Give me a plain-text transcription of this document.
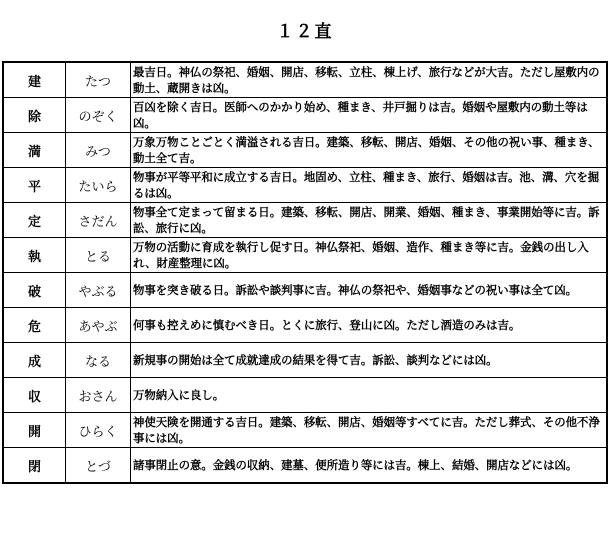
１２直
建	たつ	最吉日。神仏の祭祀、婚姻、開店、移転、立柱、棟上げ、旅行などが大吉。ただし屋敷内の動土、蔵開きは凶。
除	のぞく	百凶を除く吉日。医師へのかかり始め、種まき、井戸掘りは吉。婚姻や屋敷内の動土等は凶。
満	みつ	万象万物ことごとく満溢される吉日。建築、移転、開店、婚姻、その他の祝い事、種まき、動土全て吉。
平	たいら	物事が平等平和に成立する吉日。地固め、立柱、種まき、旅行、婚姻は吉。池、溝、穴を掘るは凶。
定	さだん	物事全て定まって留まる日。建築、移転、開店、開業、婚姻、種まき、事業開始等に吉。訴訟、旅行に凶。
執	とる	万物の活動に育成を執行し促す日。神仏祭祀、婚姻、造作、種まき等に吉。金銭の出し入れ、財産整理に凶。
破	やぶる	物事を突き破る日。訴訟や談判事に吉。神仏の祭祀や、婚姻事などの祝い事は全て凶。
危	あやぶ	何事も控えめに慎むべき日。とくに旅行、登山に凶。ただし酒造のみは吉。
成	なる	新規事の開始は全て成就達成の結果を得て吉。訴訟、談判などには凶。
収	おさん	万物納入に良し。
開	ひらく	神使天険を開通する吉日。建築、移転、開店、婚姻等すべてに吉。ただし葬式、その他不浄事には凶。
閉	とづ	諸事閉止の意。金銭の収納、建墓、便所造り等には吉。棟上、結婚、開店などには凶。
